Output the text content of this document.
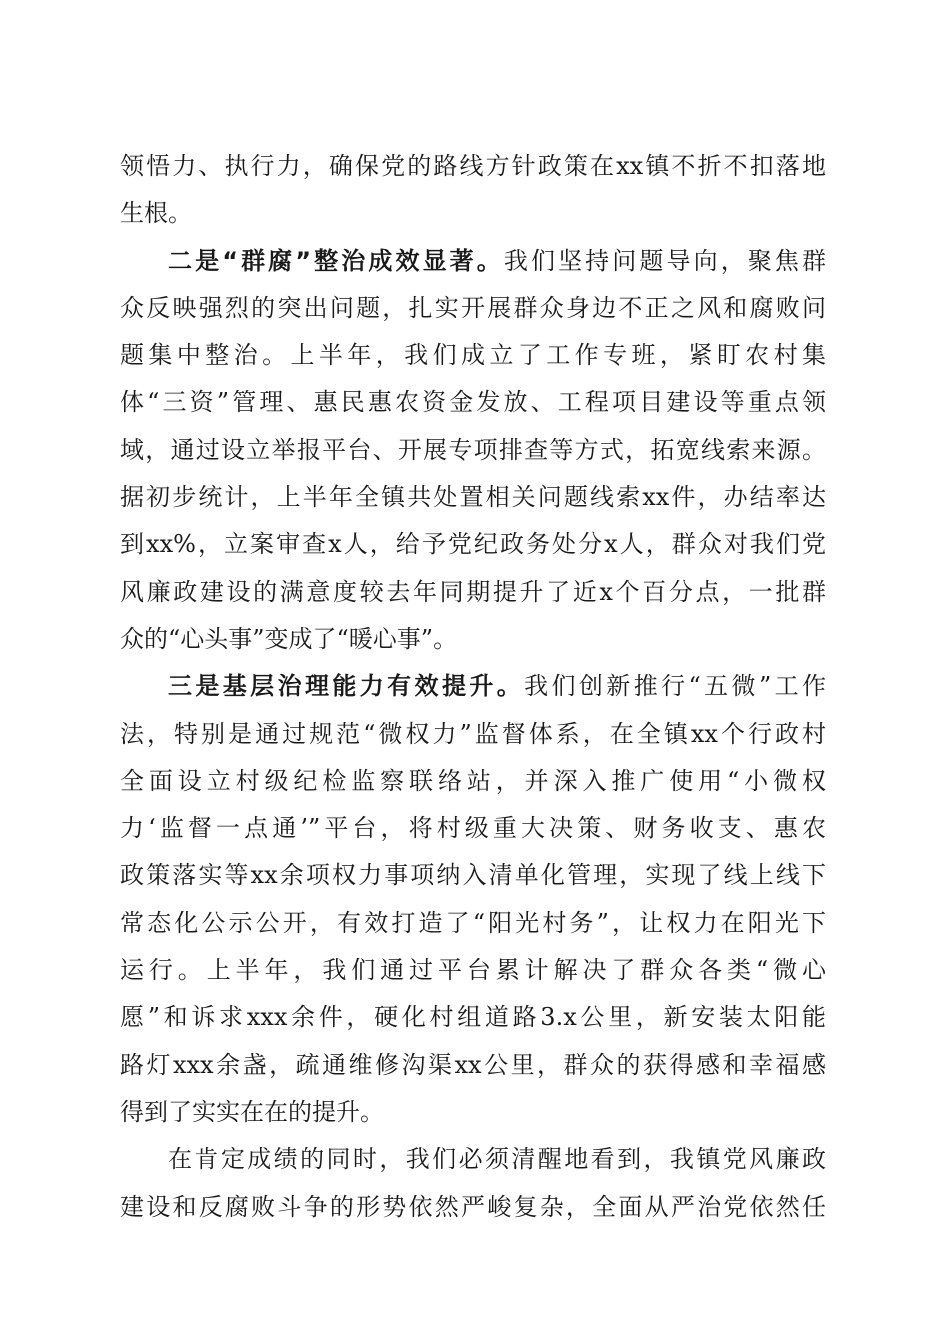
领悟力、执行力，确保党的路线方针政策在xx镇不折不扣落地
生根。
二是“群腐”整治成效显著。我们坚持问题导向，聚焦群
众反映强烈的突出问题，扎实开展群众身边不正之风和腐败问
题集中整治。上半年，我们成立了工作专班，紧盯农村集
体“三资”管理、惠民惠农资金发放、工程项目建设等重点领
域，通过设立举报平台、开展专项排查等方式，拓宽线索来源。
据初步统计，上半年全镇共处置相关问题线索xx件，办结率达
到xx%，立案审查x人，给予党纪政务处分x人，群众对我们党
风廉政建设的满意度较去年同期提升了近x个百分点，一批群
众的“心头事”变成了“暖心事”。
三是基层治理能力有效提升。我们创新推行“五微”工作
法，特别是通过规范“微权力”监督体系，在全镇xx个行政村
全面设立村级纪检监察联络站，并深入推广使用“小微权
力‘监督一点通’”平台，将村级重大决策、财务收支、惠农
政策落实等xx余项权力事项纳入清单化管理，实现了线上线下
常态化公示公开，有效打造了“阳光村务”，让权力在阳光下
运行。上半年，我们通过平台累计解决了群众各类“微心
愿”和诉求xxx余件，硬化村组道路3.x公里，新安装太阳能
路灯xxx余盏，疏通维修沟渠xx公里，群众的获得感和幸福感
得到了实实在在的提升。
在肯定成绩的同时，我们必须清醒地看到，我镇党风廉政
建设和反腐败斗争的形势依然严峻复杂，全面从严治党依然任
